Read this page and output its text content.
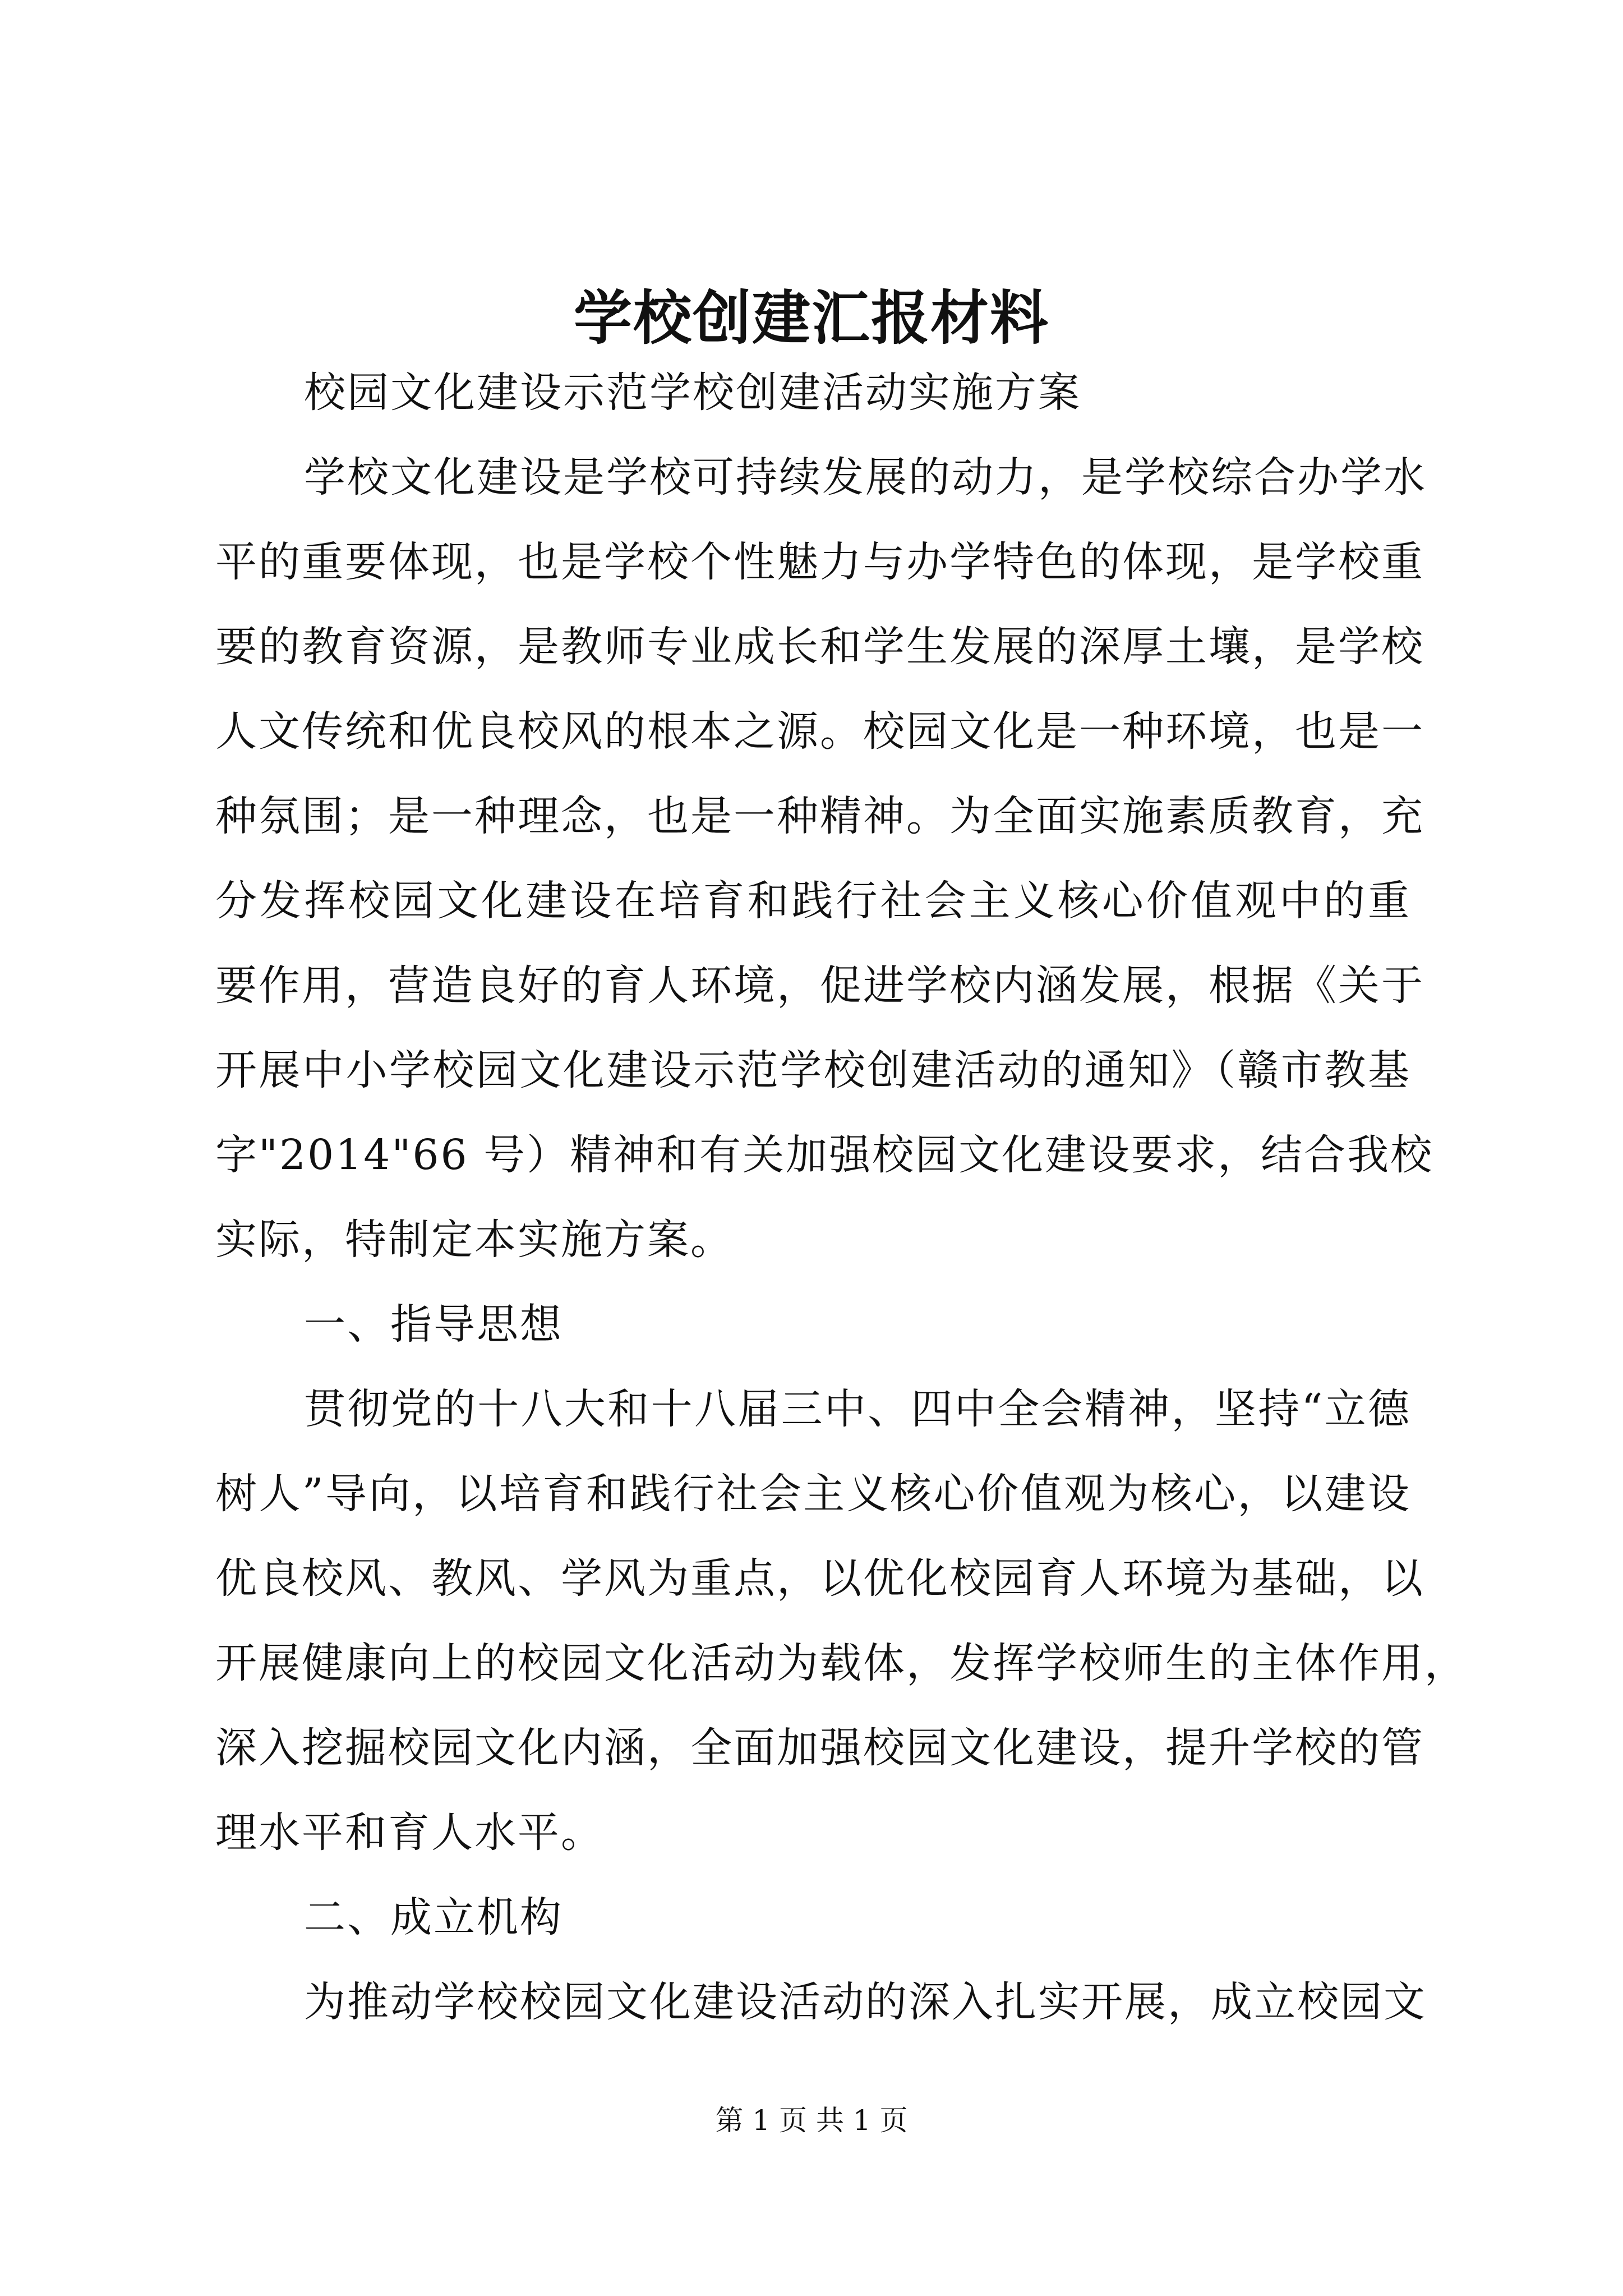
学校创建汇报材料
校园文化建设示范学校创建活动实施方案
学校文化建设是学校可持续发展的动力，是学校综合办学水
平的重要体现，也是学校个性魅力与办学特色的体现，是学校重
要的教育资源，是教师专业成长和学生发展的深厚土壤，是学校
人文传统和优良校风的根本之源。校园文化是一种环境，也是一
种氛围；是一种理念，也是一种精神。为全面实施素质教育，充
分发挥校园文化建设在培育和践行社会主义核心价值观中的重
要作用，营造良好的育人环境，促进学校内涵发展，根据《关于
开展中小学校园文化建设示范学校创建活动的通知》（赣市教基
字"2014"66 号）精神和有关加强校园文化建设要求，结合我校
实际，特制定本实施方案。
一、指导思想
贯彻党的十八大和十八届三中、四中全会精神，坚持“立德
树人”导向，以培育和践行社会主义核心价值观为核心，以建设
优良校风、教风、学风为重点，以优化校园育人环境为基础，以
开展健康向上的校园文化活动为载体，发挥学校师生的主体作用，
深入挖掘校园文化内涵，全面加强校园文化建设，提升学校的管
理水平和育人水平。
二、成立机构
为推动学校校园文化建设活动的深入扎实开展，成立校园文
第 1 页 共 1 页
